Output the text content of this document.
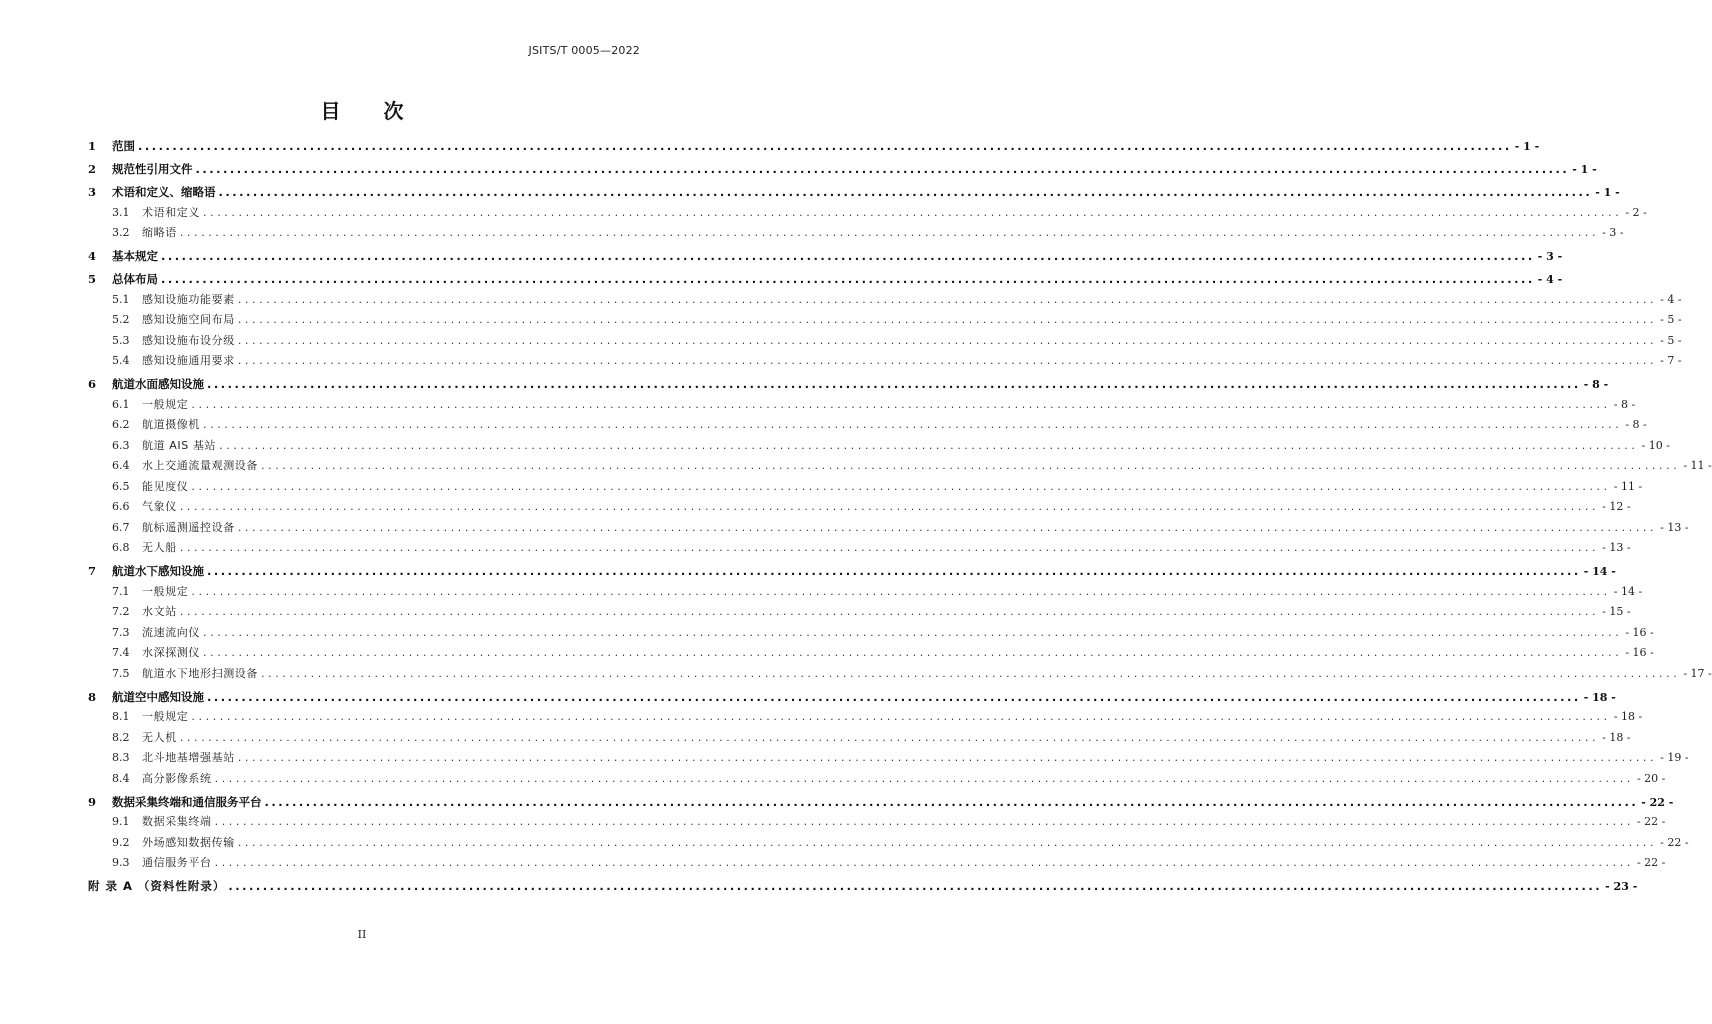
JSITS/T 0005—2022
目 次
1	范围 ........................................................................................................................................................................................................ - 1 -
2	规范性引用文件 ........................................................................................................................................................................................................ - 1 -
3	术语和定义、缩略语 ........................................................................................................................................................................................................ - 1 -
3.1	术语和定义 ........................................................................................................................................................................................................ - 2 -
3.2	缩略语 ........................................................................................................................................................................................................ - 3 -
4	基本规定 ........................................................................................................................................................................................................ - 3 -
5	总体布局 ........................................................................................................................................................................................................ - 4 -
5.1	感知设施功能要素 ........................................................................................................................................................................................................ - 4 -
5.2	感知设施空间布局 ........................................................................................................................................................................................................ - 5 -
5.3	感知设施布设分级 ........................................................................................................................................................................................................ - 5 -
5.4	感知设施通用要求 ........................................................................................................................................................................................................ - 7 -
6	航道水面感知设施 ........................................................................................................................................................................................................ - 8 -
6.1	一般规定 ........................................................................................................................................................................................................ - 8 -
6.2	航道摄像机 ........................................................................................................................................................................................................ - 8 -
6.3	航道 AIS 基站 ........................................................................................................................................................................................................ - 10 -
6.4	水上交通流量观测设备 ........................................................................................................................................................................................................ - 11 -
6.5	能见度仪 ........................................................................................................................................................................................................ - 11 -
6.6	气象仪 ........................................................................................................................................................................................................ - 12 -
6.7	航标遥测遥控设备 ........................................................................................................................................................................................................ - 13 -
6.8	无人船 ........................................................................................................................................................................................................ - 13 -
7	航道水下感知设施 ........................................................................................................................................................................................................ - 14 -
7.1	一般规定 ........................................................................................................................................................................................................ - 14 -
7.2	水文站 ........................................................................................................................................................................................................ - 15 -
7.3	流速流向仪 ........................................................................................................................................................................................................ - 16 -
7.4	水深探测仪 ........................................................................................................................................................................................................ - 16 -
7.5	航道水下地形扫测设备 ........................................................................................................................................................................................................ - 17 -
8	航道空中感知设施 ........................................................................................................................................................................................................ - 18 -
8.1	一般规定 ........................................................................................................................................................................................................ - 18 -
8.2	无人机 ........................................................................................................................................................................................................ - 18 -
8.3	北斗地基增强基站 ........................................................................................................................................................................................................ - 19 -
8.4	高分影像系统 ........................................................................................................................................................................................................ - 20 -
9	数据采集终端和通信服务平台 ........................................................................................................................................................................................................ - 22 -
9.1	数据采集终端 ........................................................................................................................................................................................................ - 22 -
9.2	外场感知数据传输 ........................................................................................................................................................................................................ - 22 -
9.3	通信服务平台 ........................................................................................................................................................................................................ - 22 -
附 录 A （资料性附录） ........................................................................................................................................................................................................ - 23 -
II
